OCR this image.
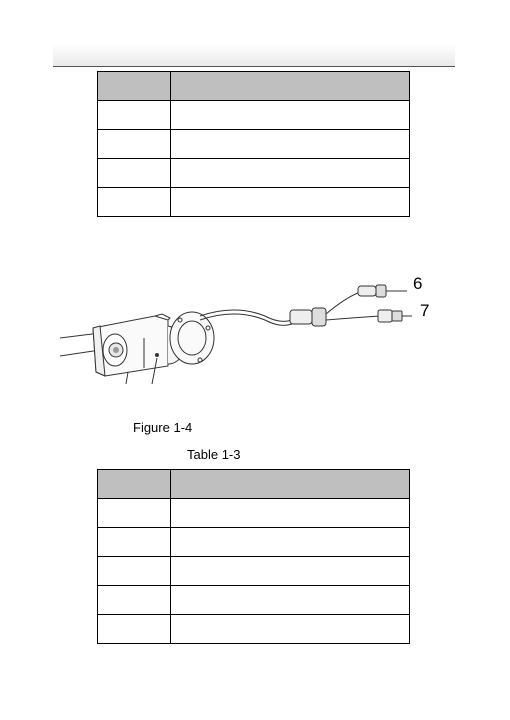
6
7
Figure 1-4
Table 1-3
